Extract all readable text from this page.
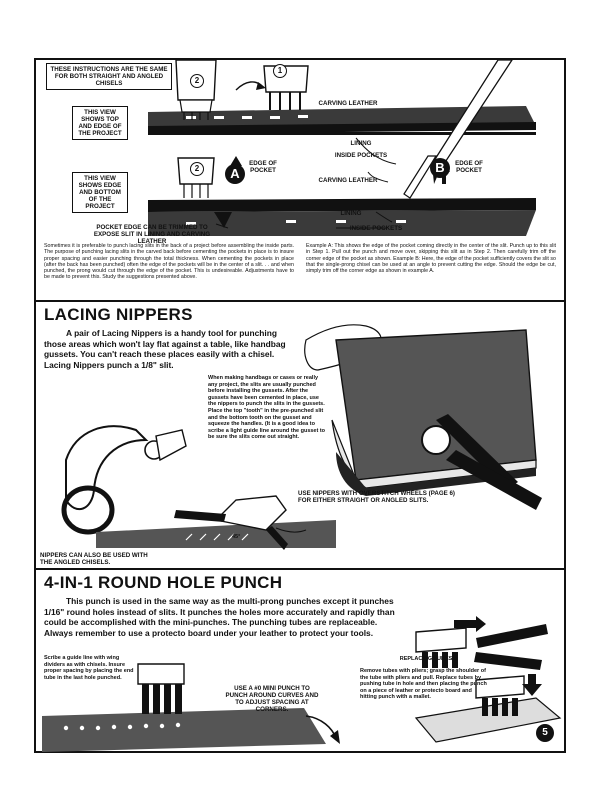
THESE INSTRUCTIONS ARE THE SAME FOR BOTH STRAIGHT AND ANGLED CHISELS
THIS VIEW SHOWS TOP AND EDGE OF THE PROJECT
THIS VIEW SHOWS EDGE AND BOTTOM OF THE PROJECT
CARVING LEATHER
LINING
INSIDE POCKETS
CARVING LEATHER
LINING
INSIDE POCKETS
A
EDGE OF POCKET	B	EDGE OF POCKET
1
2
2
POCKET EDGE CAN BE TRIMMED TO EXPOSE SLIT IN LINING AND CARVING LEATHER
Sometimes it is preferable to punch lacing slits in the back of a project before assembling the inside parts. The purpose of punching lacing slits in the carved back before cementing the pockets in place is to insure proper spacing and easier punching through the total thickness. When cementing the pockets in place (after the back has been punched) often the edge of the pockets will be in the center of a slit. . . and when punched, the prong would cut through the edge of the pocket. This is undesireable. Adjustments have to be made to prevent this. Study the suggestions presented above.
Example A: This shows the edge of the pocket coming directly in the center of the slit. Punch up to this slit in Step 1. Pull out the punch and move over, skipping this slit as in Step 2. Then carefully trim off the corner edge of the pocket as shown. Example B: Here, the edge of the pocket sufficiently covers the slit so that the single-prong chisel can be used at an angle to prevent cutting the edge. Should the edge be cut, simply trim off the corner edge as shown in example A.
LACING NIPPERS
A pair of Lacing Nippers is a handy tool for punching those areas which won't lay flat against a table, like handbag gussets. You can't reach these places easily with a chisel. Lacing Nippers punch a 1/8" slit.
When making handbags or cases or really any project, the slits are usually punched before installing the gussets. After the gussets have been cemented in place, use the nippers to punch the slits in the gussets. Place the top "tooth" in the pre-punched slit and the bottom tooth on the gusset and squeeze the handles. (It is a good idea to scribe a light guide line around the gusset to be sure the slits come out straight.
45°
USE NIPPERS WITH OVERSTITCH WHEELS (PAGE 6) FOR EITHER STRAIGHT OR ANGLED SLITS.
NIPPERS CAN ALSO BE USED WITH THE ANGLED CHISELS.
4-IN-1 ROUND HOLE PUNCH
This punch is used in the same way as the multi-prong punches except it punches 1/16" round holes instead of slits. It punches the holes more accurately and rapidly than could be accomplished with the mini-punches. The punching tubes are replaceable. Always remember to use a protecto board under your leather to protect your tools.
Scribe a guide line with wing dividers as with chisels. Insure proper spacing by placing the end tube in the last hole punched.
USE A #0 MINI PUNCH TO PUNCH AROUND CURVES AND TO ADJUST SPACING AT CORNERS.
REPLACING TUBES
Remove tubes with pliers; grasp the shoulder of the tube with pliers and pull. Replace tubes by pushing tube in hole and then placing the punch on a piece of leather or protecto board and hitting punch with a mallet.
5
